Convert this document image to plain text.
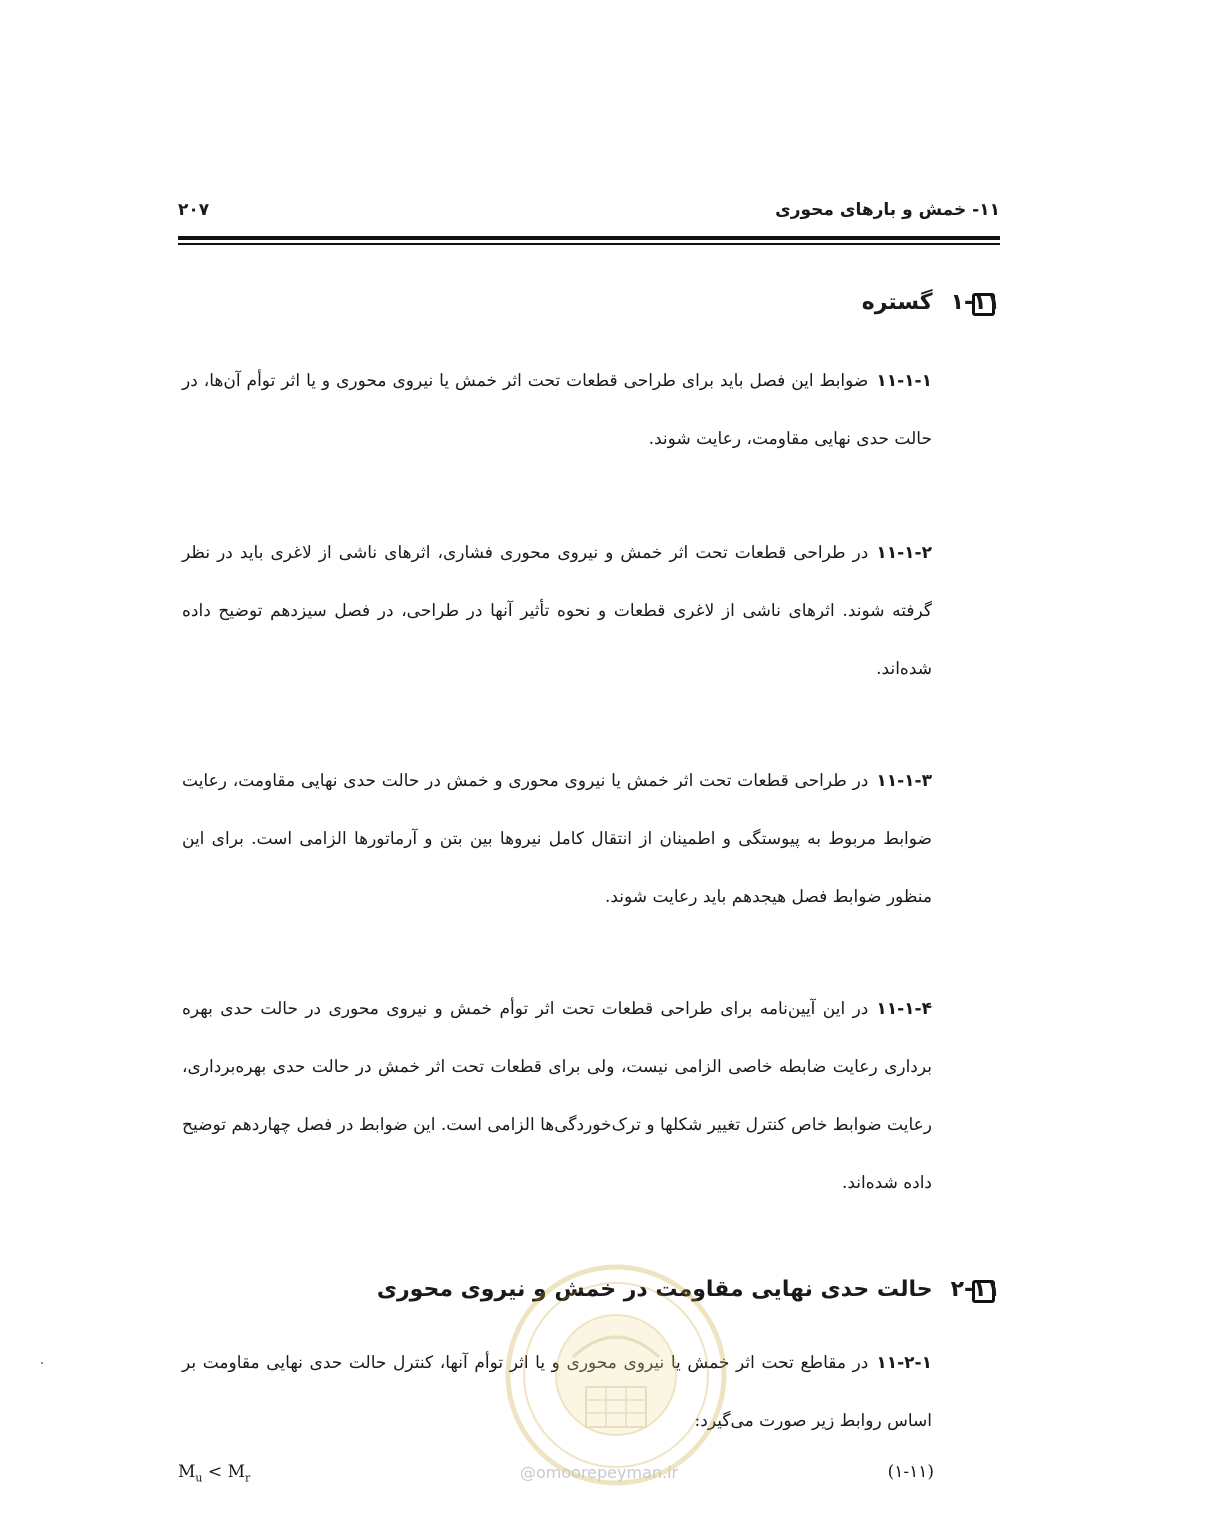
۱۱- خمش و بارهای محوری
۲۰۷
۱-۱۱گستره
۱۱-۱-۱ضوابط این فصل باید برای طراحی قطعات تحت اثر خمش یا نیروی محوری و یا اثر توأم آن‌ها، در حالت حدی نهایی مقاومت، رعایت شوند.
۱۱-۱-۲در طراحی قطعات تحت اثر خمش و نیروی محوری فشاری، اثرهای ناشی از لاغری باید در نظر گرفته شوند. اثرهای ناشی از لاغری قطعات و نحوه تأثیر آنها در طراحی، در فصل سیزدهم توضیح داده شده‌اند.
۱۱-۱-۳در طراحی قطعات تحت اثر خمش یا نیروی محوری و خمش در حالت حدی نهایی مقاومت، رعایت ضوابط مربوط به پیوستگی و اطمینان از انتقال کامل نیروها بین بتن و آرماتورها الزامی است. برای این منظور ضوابط فصل هیجدهم باید رعایت شوند.
۱۱-۱-۴در این آیین‌نامه برای طراحی قطعات تحت اثر توأم خمش و نیروی محوری در حالت حدی بهره برداری رعایت ضابطه خاصی الزامی نیست، ولی برای قطعات تحت اثر خمش در حالت حدی بهره‌برداری، رعایت ضوابط خاص کنترل تغییر شکلها و ترک‌خوردگی‌ها الزامی است. این ضوابط در فصل چهاردهم توضیح داده شده‌اند.
۲-۱۱حالت حدی نهایی مقاومت در خمش و نیروی محوری
۱۱-۲-۱در مقاطع تحت اثر خمش یا نیروی محوری و یا اثر توأم آنها، کنترل حالت حدی نهایی مقاومت بر اساس روابط زیر صورت می‌گیرد:
$M_u < M_r$	(۱-۱۱)
@omoorepeyman.ir
